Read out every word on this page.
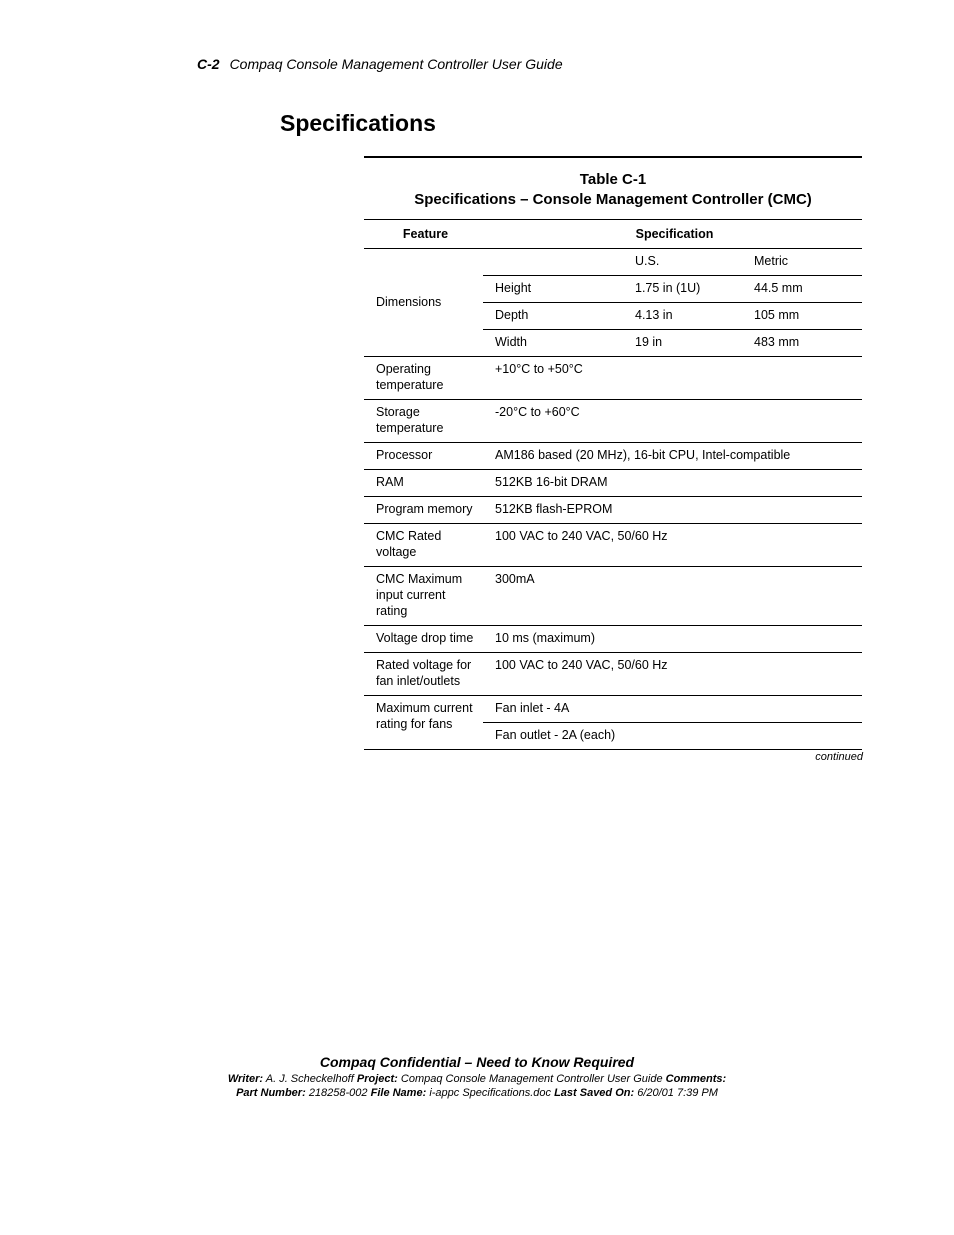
C-2 Compaq Console Management Controller User Guide
Specifications
Table C-1
Specifications – Console Management Controller (CMC)
Feature	Specification		
Dimensions		U.S.	Metric
	Height	1.75 in (1U)	44.5 mm
	Depth	4.13 in	105 mm
	Width	19 in	483 mm
Operating temperature	+10°C to +50°C		
Storage temperature	-20°C to +60°C		
Processor	AM186 based (20 MHz), 16-bit CPU, Intel-compatible		
RAM	512KB 16-bit DRAM		
Program memory	512KB flash-EPROM		
CMC Rated voltage	100 VAC to 240 VAC, 50/60 Hz		
CMC Maximum input current rating	300mA		
Voltage drop time	10 ms (maximum)		
Rated voltage for fan inlet/outlets	100 VAC to 240 VAC, 50/60 Hz		
Maximum current rating for fans	Fan inlet - 4A		
	Fan outlet - 2A (each)		
continued
Compaq Confidential – Need to Know Required
Writer: A. J. Scheckelhoff Project: Compaq Console Management Controller User Guide Comments:
Part Number: 218258-002 File Name: i-appc Specifications.doc Last Saved On: 6/20/01 7:39 PM
